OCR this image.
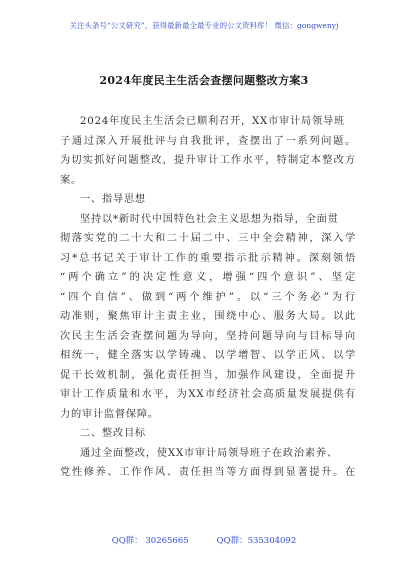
关注头条号“公文研究”，获得最新最全最专业的公文资料库！ 微信：gongwenyj
2024年度民主生活会查摆问题整改方案3
2024年度民主生活会已顺利召开，XX市审计局领导班
子通过深入开展批评与自我批评，查摆出了一系列问题。
为切实抓好问题整改，提升审计工作水平，特制定本整改方
案。
一、指导思想
坚持以*新时代中国特色社会主义思想为指导，全面贯
彻落实党的二十大和二十届二中、三中全会精神，深入学
习*总书记关于审计工作的重要指示批示精神。深刻领悟
“两个确立”的决定性意义，增强“四个意识”、坚定
“四个自信”、做到“两个维护”。以“三个务必”为行
动准则，聚焦审计主责主业，围绕中心、服务大局。以此
次民主生活会查摆问题为导向，坚持问题导向与目标导向
相统一，健全落实以学铸魂、以学增智、以学正风、以学
促干长效机制，强化责任担当，加强作风建设，全面提升
审计工作质量和水平，为XX市经济社会高质量发展提供有
力的审计监督保障。
二、整改目标
通过全面整改，使XX市审计局领导班子在政治素养、
党性修养、工作作风、责任担当等方面得到显著提升。在
QQ群： 30265665	QQ群：535304092
